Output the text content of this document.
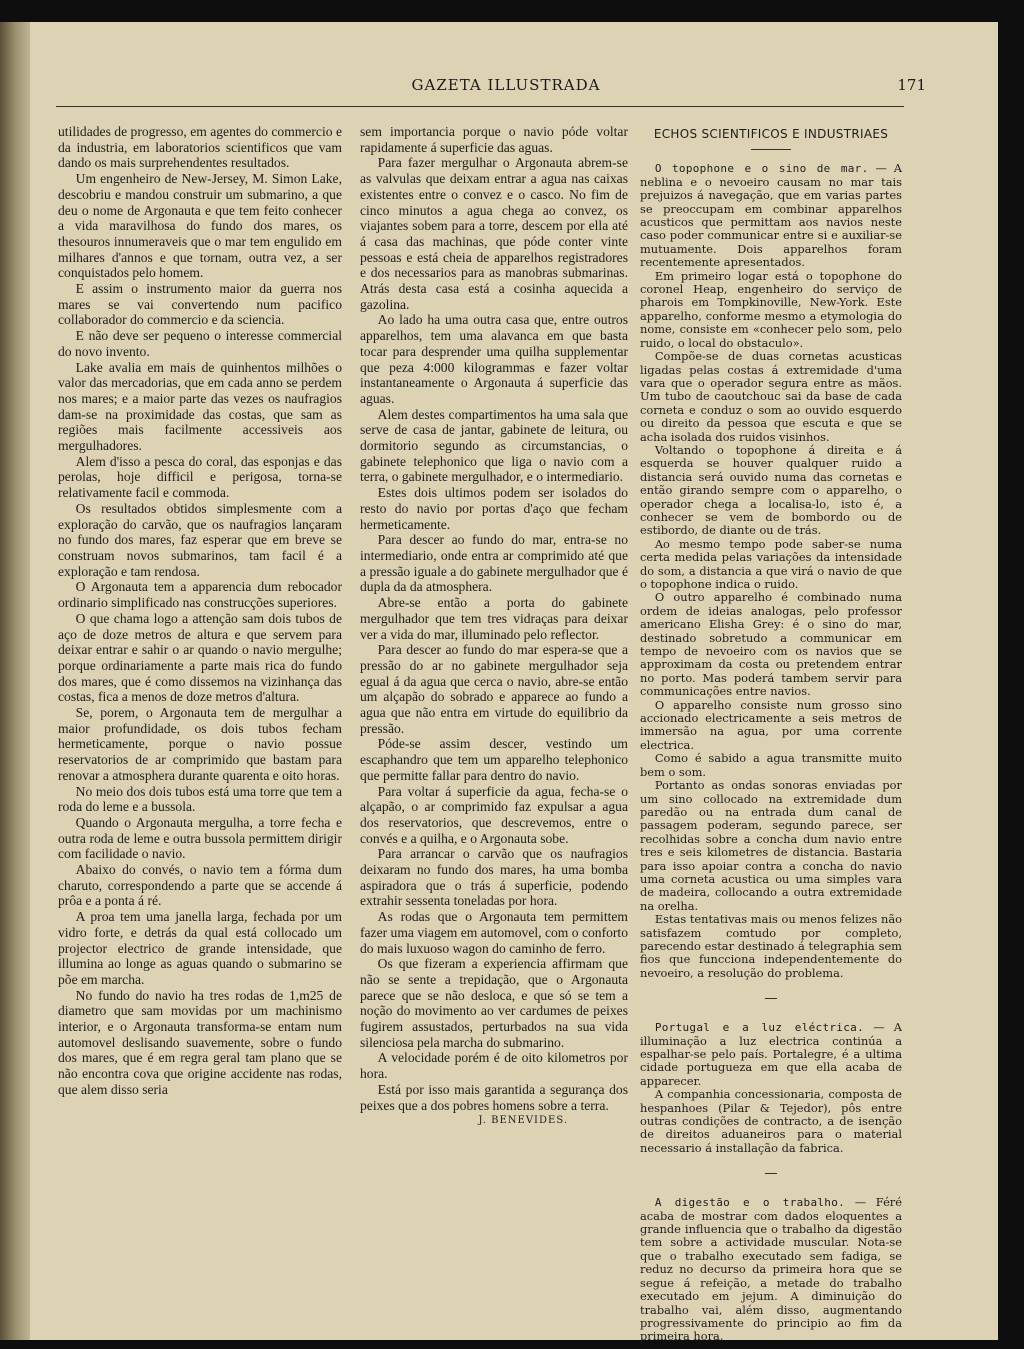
GAZETA ILLUSTRADA	171

utilidades de progresso, em agentes do commercio e da industria, em laboratorios scientificos que vam dando os mais surprehendentes resultados.

Um engenheiro de New-Jersey, M. Simon Lake, descobriu e mandou construir um submarino, a que deu o nome de Argonauta e que tem feito conhecer a vida maravilhosa do fundo dos mares, os thesouros innumeraveis que o mar tem engulido em milhares d'annos e que tornam, outra vez, a ser conquistados pelo homem.

E assim o instrumento maior da guerra nos mares se vai convertendo num pacifico collaborador do commercio e da sciencia.

E não deve ser pequeno o interesse commercial do novo invento.

Lake avalia em mais de quinhentos milhões o valor das mercadorias, que em cada anno se perdem nos mares; e a maior parte das vezes os naufragios dam-se na proximidade das costas, que sam as regiões mais facilmente accessiveis aos mergulhadores.

Alem d'isso a pesca do coral, das esponjas e das perolas, hoje difficil e perigosa, torna-se relativamente facil e commoda.

Os resultados obtidos simplesmente com a exploração do carvão, que os naufragios lançaram no fundo dos mares, faz esperar que em breve se construam novos submarinos, tam facil é a exploração e tam rendosa.

O Argonauta tem a apparencia dum rebocador ordinario simplificado nas construcções superiores.

O que chama logo a attenção sam dois tubos de aço de doze metros de altura e que servem para deixar entrar e sahir o ar quando o navio mergulhe; porque ordinariamente a parte mais rica do fundo dos mares, que é como dissemos na vizinhança das costas, fica a menos de doze metros d'altura.

Se, porem, o Argonauta tem de mergulhar a maior profundidade, os dois tubos fecham hermeticamente, porque o navio possue reservatorios de ar comprimido que bastam para renovar a atmosphera durante quarenta e oito horas.

No meio dos dois tubos está uma torre que tem a roda do leme e a bussola.

Quando o Argonauta mergulha, a torre fecha e outra roda de leme e outra bussola permittem dirigir com facilidade o navio.

Abaixo do convés, o navio tem a fórma dum charuto, correspondendo a parte que se accende á prôa e a ponta á ré.

A proa tem uma janella larga, fechada por um vidro forte, e detrás da qual está collocado um projector electrico de grande intensidade, que illumina ao longe as aguas quando o submarino se põe em marcha.

No fundo do navio ha tres rodas de 1,m25 de diametro que sam movidas por um machinismo interior, e o Argonauta transforma-se entam num automovel deslisando suavemente, sobre o fundo dos mares, que é em regra geral tam plano que se não encontra cova que origine accidente nas rodas, que alem disso seria

sem importancia porque o navio póde voltar rapidamente á superficie das aguas.

Para fazer mergulhar o Argonauta abrem-se as valvulas que deixam entrar a agua nas caixas existentes entre o convez e o casco. No fim de cinco minutos a agua chega ao convez, os viajantes sobem para a torre, descem por ella até á casa das machinas, que póde conter vinte pessoas e está cheia de apparelhos registradores e dos necessarios para as manobras submarinas. Atrás desta casa está a cosinha aquecida a gazolina.

Ao lado ha uma outra casa que, entre outros apparelhos, tem uma alavanca em que basta tocar para desprender uma quilha supplementar que peza 4:000 kilogrammas e fazer voltar instantaneamente o Argonauta á superficie das aguas.

Alem destes compartimentos ha uma sala que serve de casa de jantar, gabinete de leitura, ou dormitorio segundo as circumstancias, o gabinete telephonico que liga o navio com a terra, o gabinete mergulhador, e o intermediario.

Estes dois ultimos podem ser isolados do resto do navio por portas d'aço que fecham hermeticamente.

Para descer ao fundo do mar, entra-se no intermediario, onde entra ar comprimido até que a pressão iguale a do gabinete mergulhador que é dupla da da atmosphera.

Abre-se então a porta do gabinete mergulhador que tem tres vidraças para deixar ver a vida do mar, illuminado pelo reflector.

Para descer ao fundo do mar espera-se que a pressão do ar no gabinete mergulhador seja egual á da agua que cerca o navio, abre-se então um alçapão do sobrado e apparece ao fundo a agua que não entra em virtude do equilibrio da pressão.

Póde-se assim descer, vestindo um escaphandro que tem um apparelho telephonico que permitte fallar para dentro do navio.

Para voltar á superficie da agua, fecha-se o alçapão, o ar comprimido faz expulsar a agua dos reservatorios, que descrevemos, entre o convés e a quilha, e o Argonauta sobe.

Para arrancar o carvão que os naufragios deixaram no fundo dos mares, ha uma bomba aspiradora que o trás á superficie, podendo extrahir sessenta toneladas por hora.

As rodas que o Argonauta tem permittem fazer uma viagem em automovel, com o conforto do mais luxuoso wagon do caminho de ferro.

Os que fizeram a experiencia affirmam que não se sente a trepidação, que o Argonauta parece que se não desloca, e que só se tem a noção do movimento ao ver cardumes de peixes fugirem assustados, perturbados na sua vida silenciosa pela marcha do submarino.

A velocidade porém é de oito kilometros por hora.

Está por isso mais garantida a segurança dos peixes que a dos pobres homens sobre a terra.

J. BENEVIDES.

ECHOS SCIENTIFICOS E INDUSTRIAES

O topophone e o sino de mar. — A neblina e o nevoeiro causam no mar tais prejuizos á navegação, que em varias partes se preoccupam em combinar apparelhos acusticos que permittam aos navios neste caso poder communicar entre si e auxiliar-se mutuamente. Dois apparelhos foram recentemente apresentados.

Em primeiro logar está o topophone do coronel Heap, engenheiro do serviço de pharois em Tompkinoville, New-York. Este apparelho, conforme mesmo a etymologia do nome, consiste em «conhecer pelo som, pelo ruido, o local do obstaculo».

Compõe-se de duas cornetas acusticas ligadas pelas costas á extremidade d'uma vara que o operador segura entre as mãos. Um tubo de caoutchouc sai da base de cada corneta e conduz o som ao ouvido esquerdo ou direito da pessoa que escuta e que se acha isolada dos ruidos visinhos.

Voltando o topophone á direita e á esquerda se houver qualquer ruido a distancia será ouvido numa das cornetas e então girando sempre com o apparelho, o operador chega a localisa-lo, isto é, a conhecer se vem de bombordo ou de estibordo, de diante ou de trás.

Ao mesmo tempo pode saber-se numa certa medida pelas variações da intensidade do som, a distancia a que virá o navio de que o topophone indica o ruido.

O outro apparelho é combinado numa ordem de ideias analogas, pelo professor americano Elisha Grey: é o sino do mar, destinado sobretudo a communicar em tempo de nevoeiro com os navios que se approximam da costa ou pretendem entrar no porto. Mas poderá tambem servir para communicações entre navios.

O apparelho consiste num grosso sino accionado electricamente a seis metros de immersão na agua, por uma corrente electrica.

Como é sabido a agua transmitte muito bem o som.

Portanto as ondas sonoras enviadas por um sino collocado na extremidade dum paredão ou na entrada dum canal de passagem poderam, segundo parece, ser recolhidas sobre a concha dum navio entre tres e seis kilometres de distancia. Bastaria para isso apoiar contra a concha do navio uma corneta acustica ou uma simples vara de madeira, collocando a outra extremidade na orelha.

Estas tentativas mais ou menos felizes não satisfazem comtudo por completo, parecendo estar destinado á telegraphia sem fios que funcciona independentemente do nevoeiro, a resolução do problema.

Portugal e a luz eléctrica. — A illuminação a luz electrica continúa a espalhar-se pelo país. Portalegre, é a ultima cidade portugueza em que ella acaba de apparecer.

A companhia concessionaria, composta de hespanhoes (Pilar & Tejedor), pôs entre outras condições de contracto, a de isenção de direitos aduaneiros para o material necessario á installação da fabrica.

A digestão e o trabalho. — Féré acaba de mostrar com dados eloquentes a grande influencia que o trabalho da digestão tem sobre a actividade muscular. Nota-se que o trabalho executado sem fadiga, se reduz no decurso da primeira hora que se segue á refeição, a metade do trabalho executado em jejum. A diminuição do trabalho vai, além disso, augmentando progressivamente do principio ao fim da primeira hora.
